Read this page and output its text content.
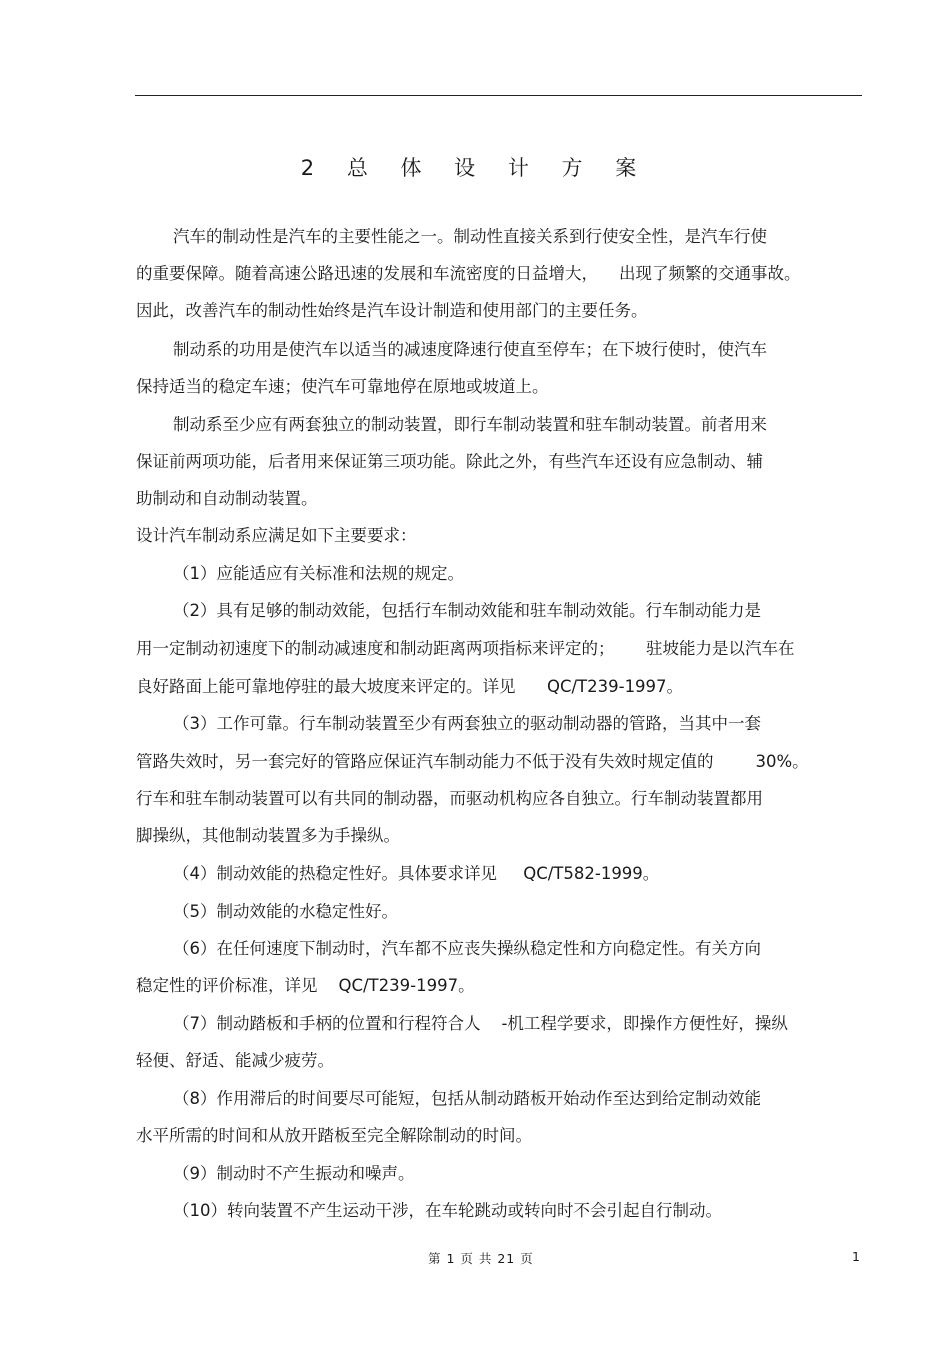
2 总 体 设 计 方 案
汽车的制动性是汽车的主要性能之一。制动性直接关系到行使安全性，是汽车行使
的重要保障。随着高速公路迅速的发展和车流密度的日益增大，    出现了频繁的交通事故。
因此，改善汽车的制动性始终是汽车设计制造和使用部门的主要任务。
制动系的功用是使汽车以适当的减速度降速行使直至停车；在下坡行使时，使汽车
保持适当的稳定车速；使汽车可靠地停在原地或坡道上。
制动系至少应有两套独立的制动装置，即行车制动装置和驻车制动装置。前者用来
保证前两项功能，后者用来保证第三项功能。除此之外，有些汽车还设有应急制动、辅
助制动和自动制动装置。
设计汽车制动系应满足如下主要要求：
（1）应能适应有关标准和法规的规定。
（2）具有足够的制动效能，包括行车制动效能和驻车制动效能。行车制动能力是
用一定制动初速度下的制动减速度和制动距离两项指标来评定的；      驻坡能力是以汽车在
良好路面上能可靠地停驻的最大坡度来评定的。详见      QC/T239-1997。
（3）工作可靠。行车制动装置至少有两套独立的驱动制动器的管路，当其中一套
管路失效时，另一套完好的管路应保证汽车制动能力不低于没有失效时规定值的        30%。
行车和驻车制动装置可以有共同的制动器，而驱动机构应各自独立。行车制动装置都用
脚操纵，其他制动装置多为手操纵。
（4）制动效能的热稳定性好。具体要求详见     QC/T582-1999。
（5）制动效能的水稳定性好。
（6）在任何速度下制动时，汽车都不应丧失操纵稳定性和方向稳定性。有关方向
稳定性的评价标准，详见    QC/T239-1997。
（7）制动踏板和手柄的位置和行程符合人    -机工程学要求，即操作方便性好，操纵
轻便、舒适、能减少疲劳。
（8）作用滞后的时间要尽可能短，包括从制动踏板开始动作至达到给定制动效能
水平所需的时间和从放开踏板至完全解除制动的时间。
（9）制动时不产生振动和噪声。
（10）转向装置不产生运动干涉，在车轮跳动或转向时不会引起自行制动。
第 1 页 共 21 页	1
